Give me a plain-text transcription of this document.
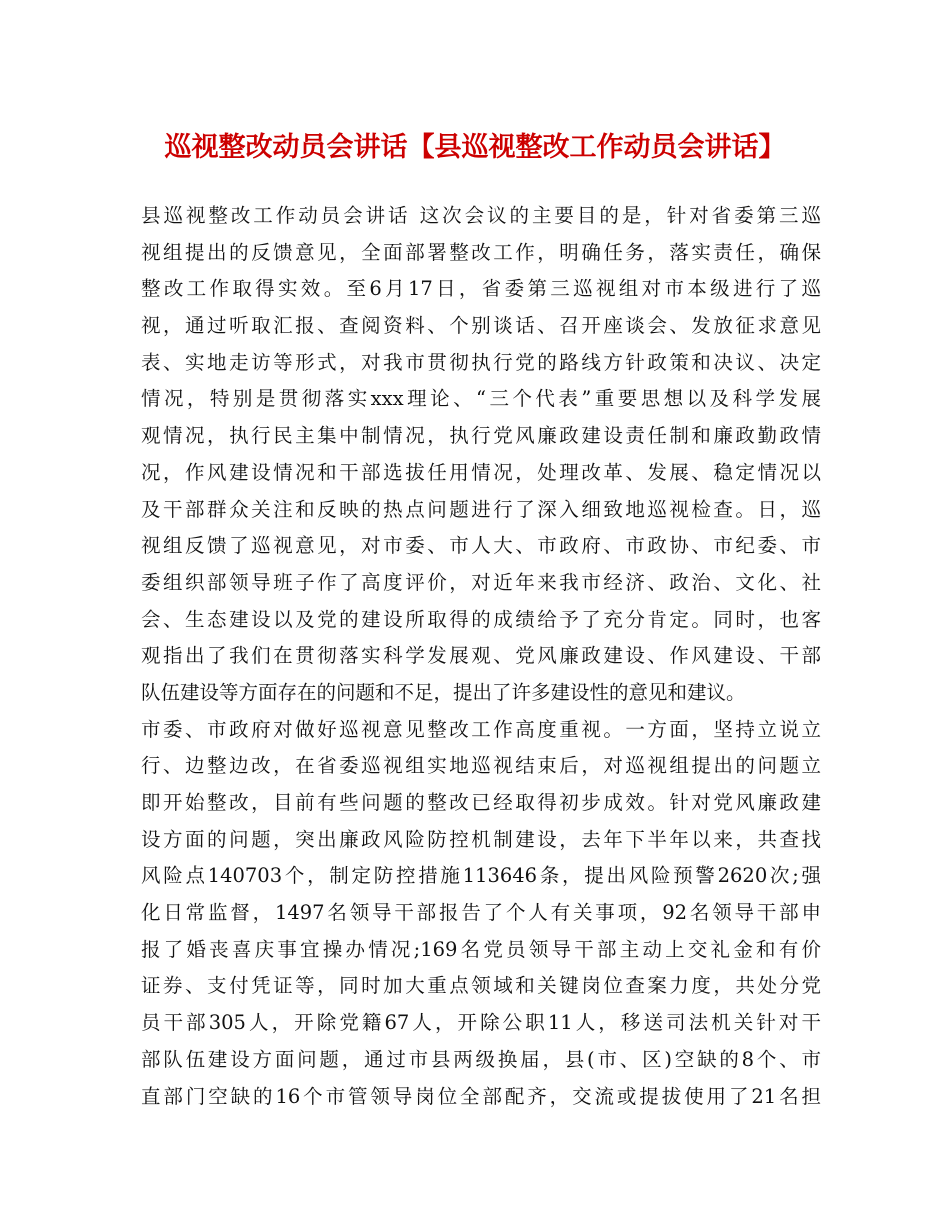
巡视整改动员会讲话【县巡视整改工作动员会讲话】
县巡视整改工作动员会讲话 这次会议的主要目的是，针对省委第三巡
视组提出的反馈意见，全面部署整改工作，明确任务，落实责任，确保
整改工作取得实效。至6月17日，省委第三巡视组对市本级进行了巡
视，通过听取汇报、查阅资料、个别谈话、召开座谈会、发放征求意见
表、实地走访等形式，对我市贯彻执行党的路线方针政策和决议、决定
情况，特别是贯彻落实xxx理论、“三个代表”重要思想以及科学发展
观情况，执行民主集中制情况，执行党风廉政建设责任制和廉政勤政情
况，作风建设情况和干部选拔任用情况，处理改革、发展、稳定情况以
及干部群众关注和反映的热点问题进行了深入细致地巡视检查。日，巡
视组反馈了巡视意见，对市委、市人大、市政府、市政协、市纪委、市
委组织部领导班子作了高度评价，对近年来我市经济、政治、文化、社
会、生态建设以及党的建设所取得的成绩给予了充分肯定。同时，也客
观指出了我们在贯彻落实科学发展观、党风廉政建设、作风建设、干部
队伍建设等方面存在的问题和不足，提出了许多建设性的意见和建议。
市委、市政府对做好巡视意见整改工作高度重视。一方面，坚持立说立
行、边整边改，在省委巡视组实地巡视结束后，对巡视组提出的问题立
即开始整改，目前有些问题的整改已经取得初步成效。针对党风廉政建
设方面的问题，突出廉政风险防控机制建设，去年下半年以来，共查找
风险点140703个，制定防控措施113646条，提出风险预警2620次;强
化日常监督，1497名领导干部报告了个人有关事项，92名领导干部申
报了婚丧喜庆事宜操办情况;169名党员领导干部主动上交礼金和有价
证券、支付凭证等，同时加大重点领域和关键岗位查案力度，共处分党
员干部305人，开除党籍67人，开除公职11人，移送司法机关针对干
部队伍建设方面问题，通过市县两级换届，县(市、区)空缺的8个、市
直部门空缺的16个市管领导岗位全部配齐，交流或提拔使用了21名担
